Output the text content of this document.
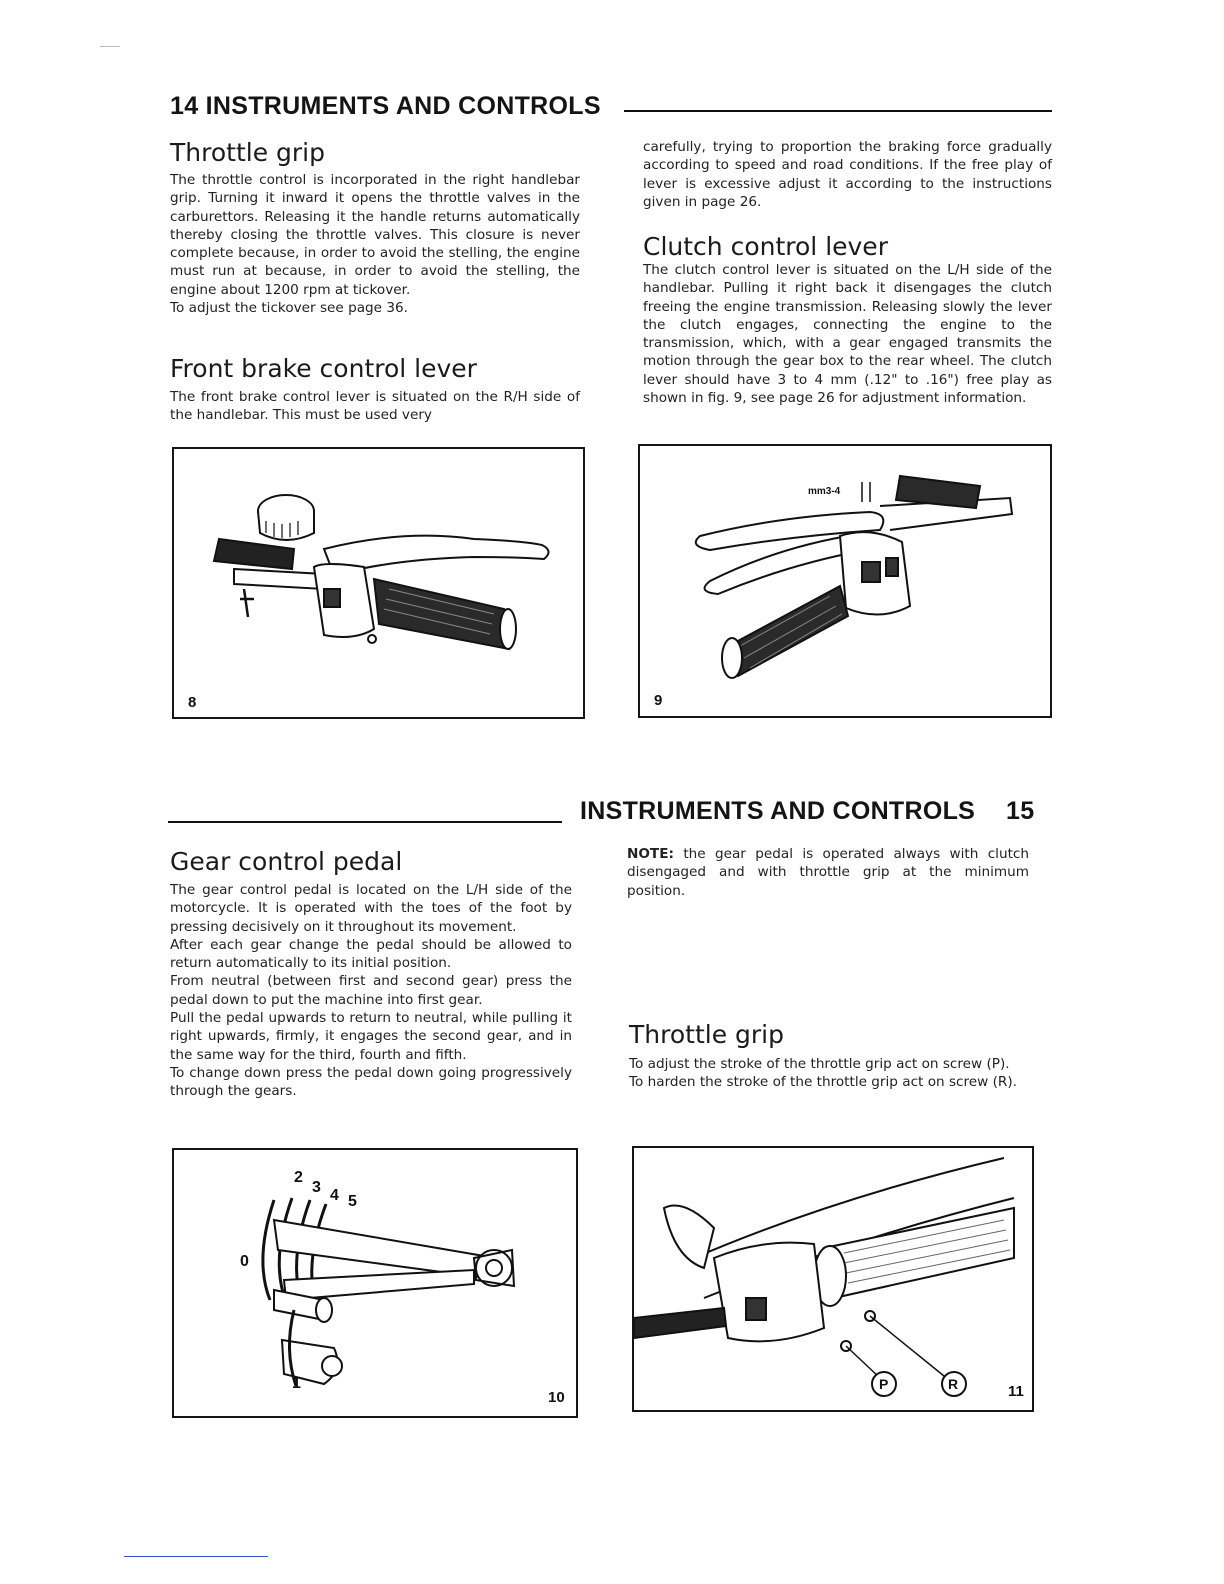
14 INSTRUMENTS AND CONTROLS
Throttle grip

The throttle control is incorporated in the right handlebar grip. Turning it inward it opens the throttle valves in the carburettors. Releasing it the handle returns automatically thereby closing the throttle valves. This closure is never complete because, in order to avoid the stelling, the engine must run at because, in order to avoid the stelling, the engine about 1200 rpm at tickover.

To adjust the tickover see page 36.

Front brake control lever
The front brake control lever is situated on the R/H side of the handlebar. This must be used very
carefully, trying to proportion the braking force gradually according to speed and road conditions. If the free play of lever is excessive adjust it according to the instructions given in page 26.
Clutch control lever
The clutch control lever is situated on the L/H side of the handlebar. Pulling it right back it disengages the clutch freeing the engine transmission. Releasing slowly the lever the clutch engages, connecting the engine to the transmission, which, with a gear engaged transmits the motion through the gear box to the rear wheel. The clutch lever should have 3 to 4 mm (.12" to .16") free play as shown in fig. 9, see page 26 for adjustment information.
8
mm3-4
9
INSTRUMENTS AND CONTROLS 15
Gear control pedal

The gear control pedal is located on the L/H side of the motorcycle. It is operated with the toes of the foot by pressing decisively on it throughout its movement.

After each gear change the pedal should be allowed to return automatically to its initial position.

From neutral (between first and second gear) press the pedal down to put the machine into first gear.

Pull the pedal upwards to return to neutral, while pulling it right upwards, firmly, it engages the second gear, and in the same way for the third, fourth and fifth.

To change down press the pedal down going progressively through the gears.

NOTE: the gear pedal is operated always with clutch disengaged and with throttle grip at the minimum position.
Throttle grip

To adjust the stroke of the throttle grip act on screw (P).

To harden the stroke of the throttle grip act on screw (R).

2
3 4 5
0
1
10
P	R	11
